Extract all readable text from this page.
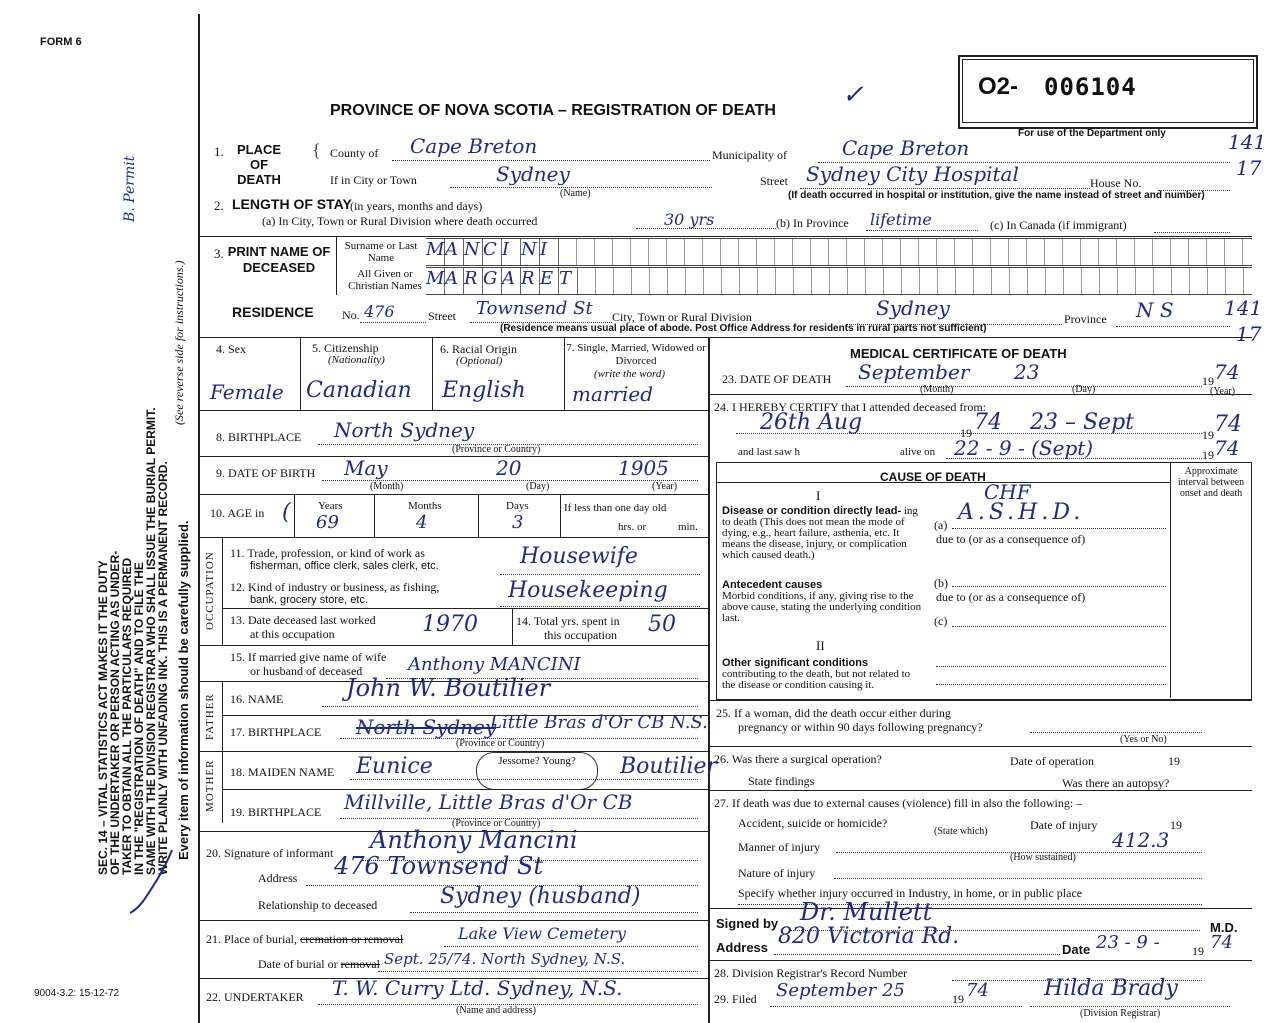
FORM 6
SEC. 14 – VITAL STATISTICS ACT MAKES IT THE DUTY
OF THE UNDERTAKER OR PERSON ACTING AS UNDER-
TAKER TO OBTAIN ALL THE PARTICULARS REQUIRED
IN THE "REGISTRATION OF DEATH" AND TO FILE THE
SAME WITH THE DIVISION REGISTRAR WHO SHALL ISSUE THE BURIAL PERMIT.
WRITE PLAINLY WITH UNFADING INK. THIS IS A PERMANENT RECORD.
(See reverse side for instructions.)
Every item of information should be carefully supplied.
B. Permit
9004-3.2: 15-12-72
PROVINCE OF NOVA SCOTIA – REGISTRATION OF DEATH
✓	O2- 006104
For use of the Department only	141
17
1.	PLACE OF DEATH
{ County of Cape Breton	Municipality of	Cape Breton
If in City or Town	Sydney
(Name)
Street Sydney City Hospital	House No.
(If death occurred in hospital or institution, give the name instead of street and number)
2. LENGTH OF STAY
(in years, months and days)
(a) In City, Town or Rural Division where death occurred	30 yrs	(b) In Province lifetime	(c) In Canada (if immigrant)
3. PRINT NAME OF DECEASED
Surname or Last Name
All Given or Christian Names
M A N C I N I
M A R G A R E T
RESIDENCE No. 476	Street Townsend St City, Town or Rural Division	Sydney	Province N S	141
17
(Residence means usual place of abode. Post Office Address for residents in rural parts not sufficient)
4. Sex
Female
5. Citizenship
(Nationality)
Canadian
6. Racial Origin
(Optional)
English
7. Single, Married, Widowed or Divorced
(write the word)
married
8. BIRTHPLACE North Sydney
(Province or Country)
9. DATE OF BIRTH May	20	1905
(Month)	(Day)	(Year)
10. AGE in ( Years	Months	Days
69	4	3
If less than one day old
hrs. or	min.
OCCUPATION 11. Trade, profession, or kind of work as
fisherman, office clerk, sales clerk, etc.	Housewife
12. Kind of industry or business, as fishing,
bank, grocery store, etc.	Housekeeping
13. Date deceased last worked
at this occupation	1970	14. Total yrs. spent in
this occupation 50
15. If married give name of wife
or husband of deceased	Anthony MANCINI
FATHER 16. NAME	John W. Boutilier
17. BIRTHPLACE North Sydney
Little Bras d'Or CB N.S.
(Province or Country)
MOTHER 18. MAIDEN NAME Eunice	Jessome? Young?	Boutilier
19. BIRTHPLACE Millville, Little Bras d'Or CB
(Province or Country)
20. Signature of informant Anthony Mancini
Address 476 Townsend St
Relationship to deceased	Sydney (husband)
21. Place of burial, cremation or removal	Lake View Cemetery
Date of burial or removal Sept. 25/74. North Sydney, N.S.
22. UNDERTAKER T. W. Curry Ltd. Sydney, N.S.
(Name and address)
MEDICAL CERTIFICATE OF DEATH
23. DATE OF DEATH September 23	19 74
(Month)	(Day)	(Year)
24. I HEREBY CERTIFY that I attended deceased from:
26th Aug	19 74 23 – Sept	19 74
and last saw h	alive on 22 - 9 - (Sept)	19 74
CAUSE OF DEATH	Approximate interval between onset and death
I
Disease or condition directly lead- ing to death (This does not mean the mode of dying, e.g., heart failure, asthenia, etc. It means the disease, injury, or complication which caused death.)
(a)
CHF
A.S.H.D.
due to (or as a consequence of)
Antecedent causes
Morbid conditions, if any, giving rise to the above cause, stating the underlying condition last.
(b)
due to (or as a consequence of)
(c)
II
Other significant conditions
contributing to the death, but not related to the disease or condition causing it.
25. If a woman, did the death occur either during
pregnancy or within 90 days following pregnancy?
(Yes or No)
26. Was there a surgical operation?	Date of operation	19
State findings	Was there an autopsy?
27. If death was due to external causes (violence) fill in also the following: –
Accident, suicide or homicide?	Date of injury	19
(State which)
Manner of injury	412.3
(How sustained)
Nature of injury
Specify whether injury occurred in Industry, in home, or in public place
Signed by Dr. Mullett
M.D.
Address 820 Victoria Rd.
Date 23 - 9 -	19 74
28. Division Registrar's Record Number
29. Filed September 25	19 74	Hilda Brady
(Division Registrar)
